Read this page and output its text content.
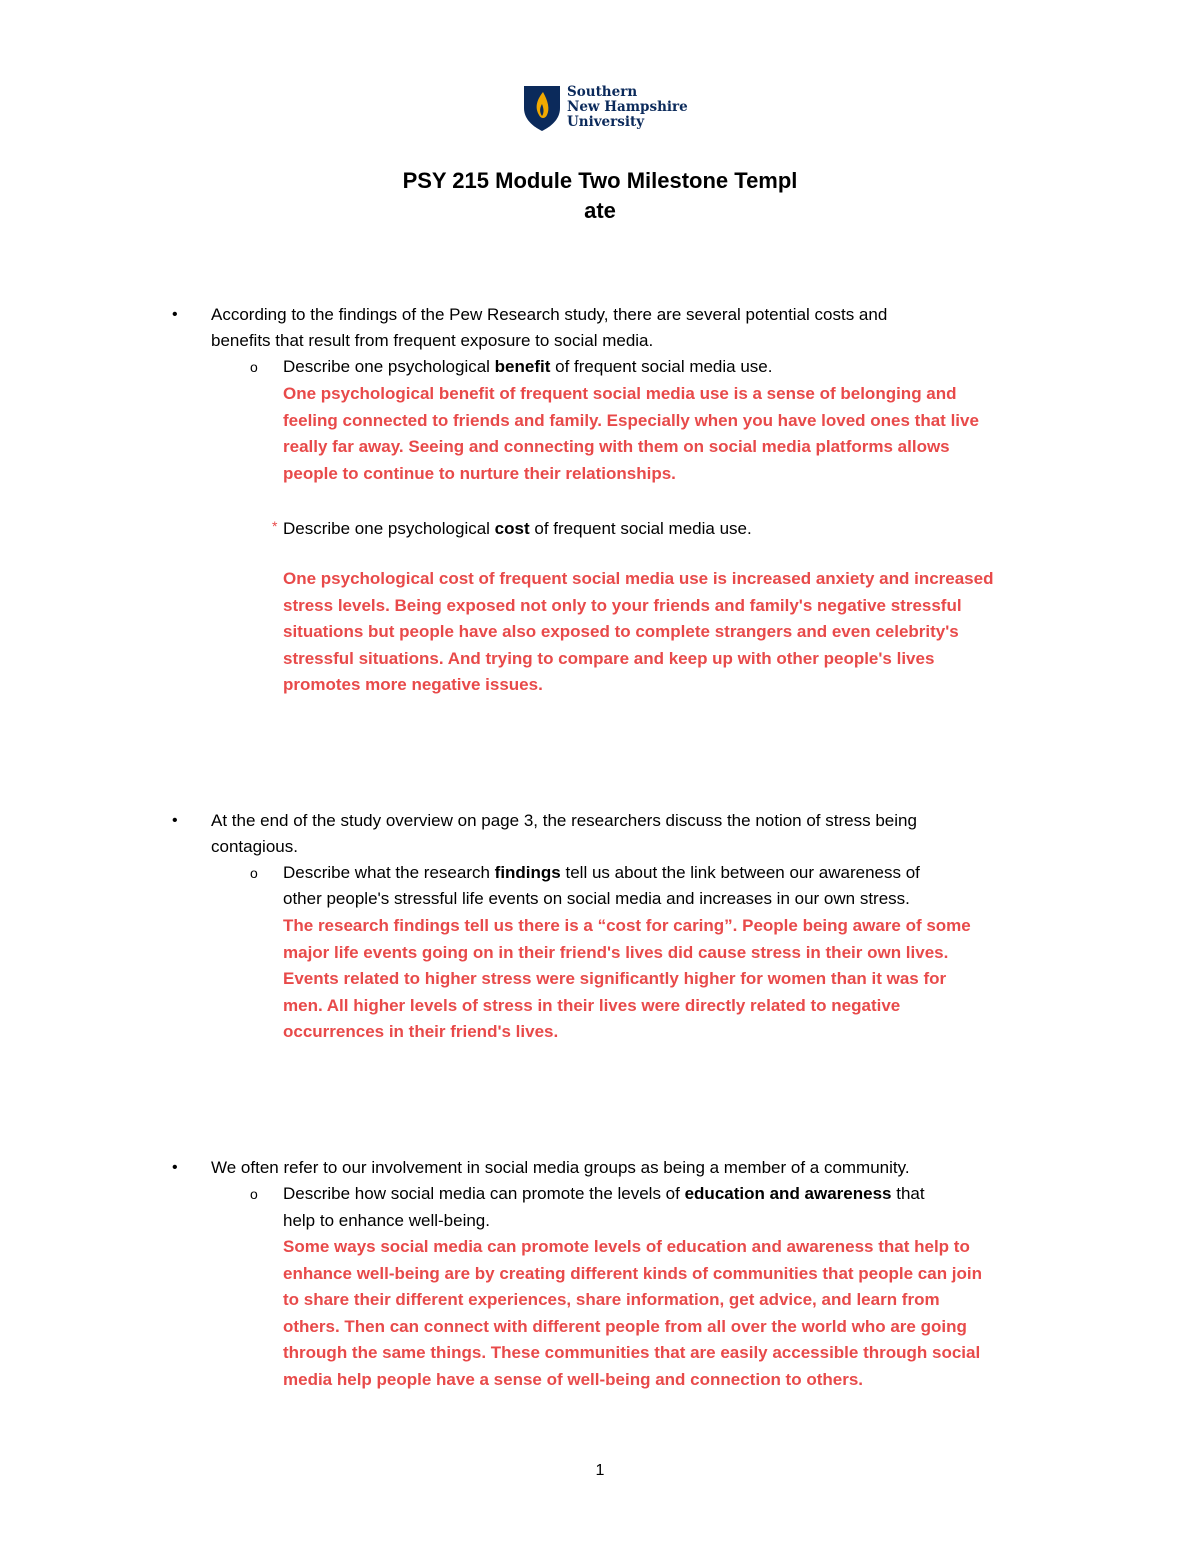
Southern
New Hampshire
University
PSY 215 Module Two Milestone Templ
ate
• According to the findings of the Pew Research study, there are several potential costs and
benefits that result from frequent exposure to social media.
o Describe one psychological benefit of frequent social media use.
One psychological benefit of frequent social media use is a sense of belonging and
feeling connected to friends and family. Especially when you have loved ones that live
really far away. Seeing and connecting with them on social media platforms allows
people to continue to nurture their relationships.
* Describe one psychological cost of frequent social media use.
One psychological cost of frequent social media use is increased anxiety and increased
stress levels. Being exposed not only to your friends and family's negative stressful
situations but people have also exposed to complete strangers and even celebrity's
stressful situations. And trying to compare and keep up with other people's lives
promotes more negative issues.
• At the end of the study overview on page 3, the researchers discuss the notion of stress being
contagious.
o Describe what the research findings tell us about the link between our awareness of
other people's stressful life events on social media and increases in our own stress.
The research findings tell us there is a “cost for caring”. People being aware of some
major life events going on in their friend's lives did cause stress in their own lives.
Events related to higher stress were significantly higher for women than it was for
men. All higher levels of stress in their lives were directly related to negative
occurrences in their friend's lives.
• We often refer to our involvement in social media groups as being a member of a community.
o Describe how social media can promote the levels of education and awareness that
help to enhance well-being.
Some ways social media can promote levels of education and awareness that help to
enhance well-being are by creating different kinds of communities that people can join
to share their different experiences, share information, get advice, and learn from
others. Then can connect with different people from all over the world who are going
through the same things. These communities that are easily accessible through social
media help people have a sense of well-being and connection to others.
1
